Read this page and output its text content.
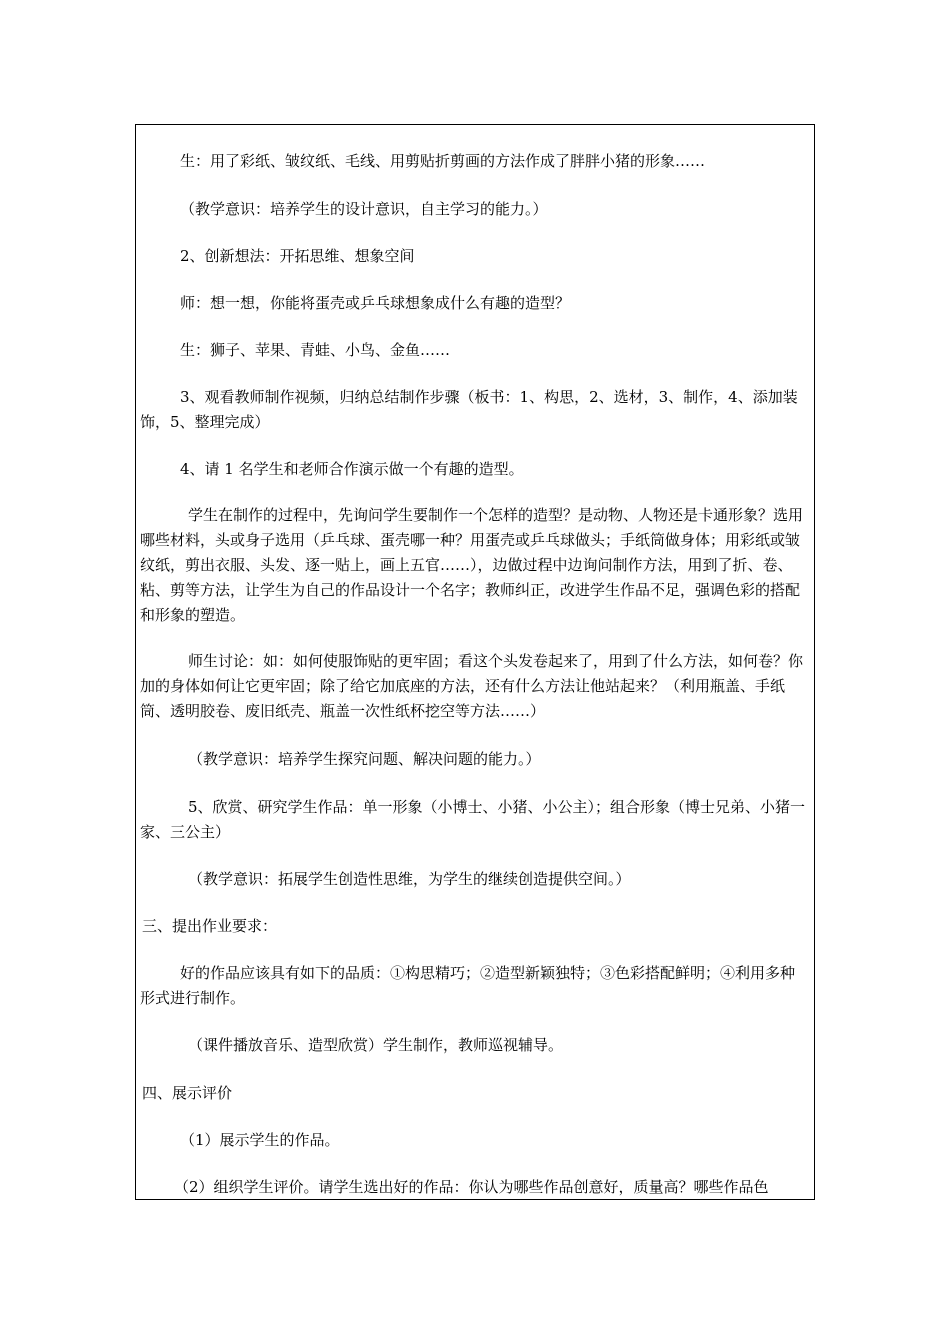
生：用了彩纸、皱纹纸、毛线、用剪贴折剪画的方法作成了胖胖小猪的形象……
（教学意识：培养学生的设计意识，自主学习的能力。）
2、创新想法：开拓思维、想象空间
师：想一想，你能将蛋壳或乒乓球想象成什么有趣的造型？
生：狮子、苹果、青蛙、小鸟、金鱼……
3、观看教师制作视频，归纳总结制作步骤（板书：1、构思，2、选材，3、制作，4、添加装饰，5、整理完成）
4、请 1 名学生和老师合作演示做一个有趣的造型。
学生在制作的过程中，先询问学生要制作一个怎样的造型？是动物、人物还是卡通形象？选用哪些材料，头或身子选用（乒乓球、蛋壳哪一种？用蛋壳或乒乓球做头；手纸筒做身体；用彩纸或皱纹纸，剪出衣服、头发、逐一贴上，画上五官……），边做过程中边询问制作方法，用到了折、卷、粘、剪等方法，让学生为自己的作品设计一个名字；教师纠正，改进学生作品不足，强调色彩的搭配和形象的塑造。
师生讨论：如：如何使服饰贴的更牢固；看这个头发卷起来了，用到了什么方法，如何卷？你加的身体如何让它更牢固；除了给它加底座的方法，还有什么方法让他站起来？（利用瓶盖、手纸筒、透明胶卷、废旧纸壳、瓶盖一次性纸杯挖空等方法……）
（教学意识：培养学生探究问题、解决问题的能力。）
5、欣赏、研究学生作品：单一形象（小博士、小猪、小公主）；组合形象（博士兄弟、小猪一家、三公主）
（教学意识：拓展学生创造性思维，为学生的继续创造提供空间。）
三、提出作业要求：
好的作品应该具有如下的品质：①构思精巧；②造型新颖独特；③色彩搭配鲜明；④利用多种形式进行制作。
（课件播放音乐、造型欣赏）学生制作，教师巡视辅导。
四、展示评价
（1）展示学生的作品。
（2）组织学生评价。请学生选出好的作品：你认为哪些作品创意好，质量高？哪些作品色
